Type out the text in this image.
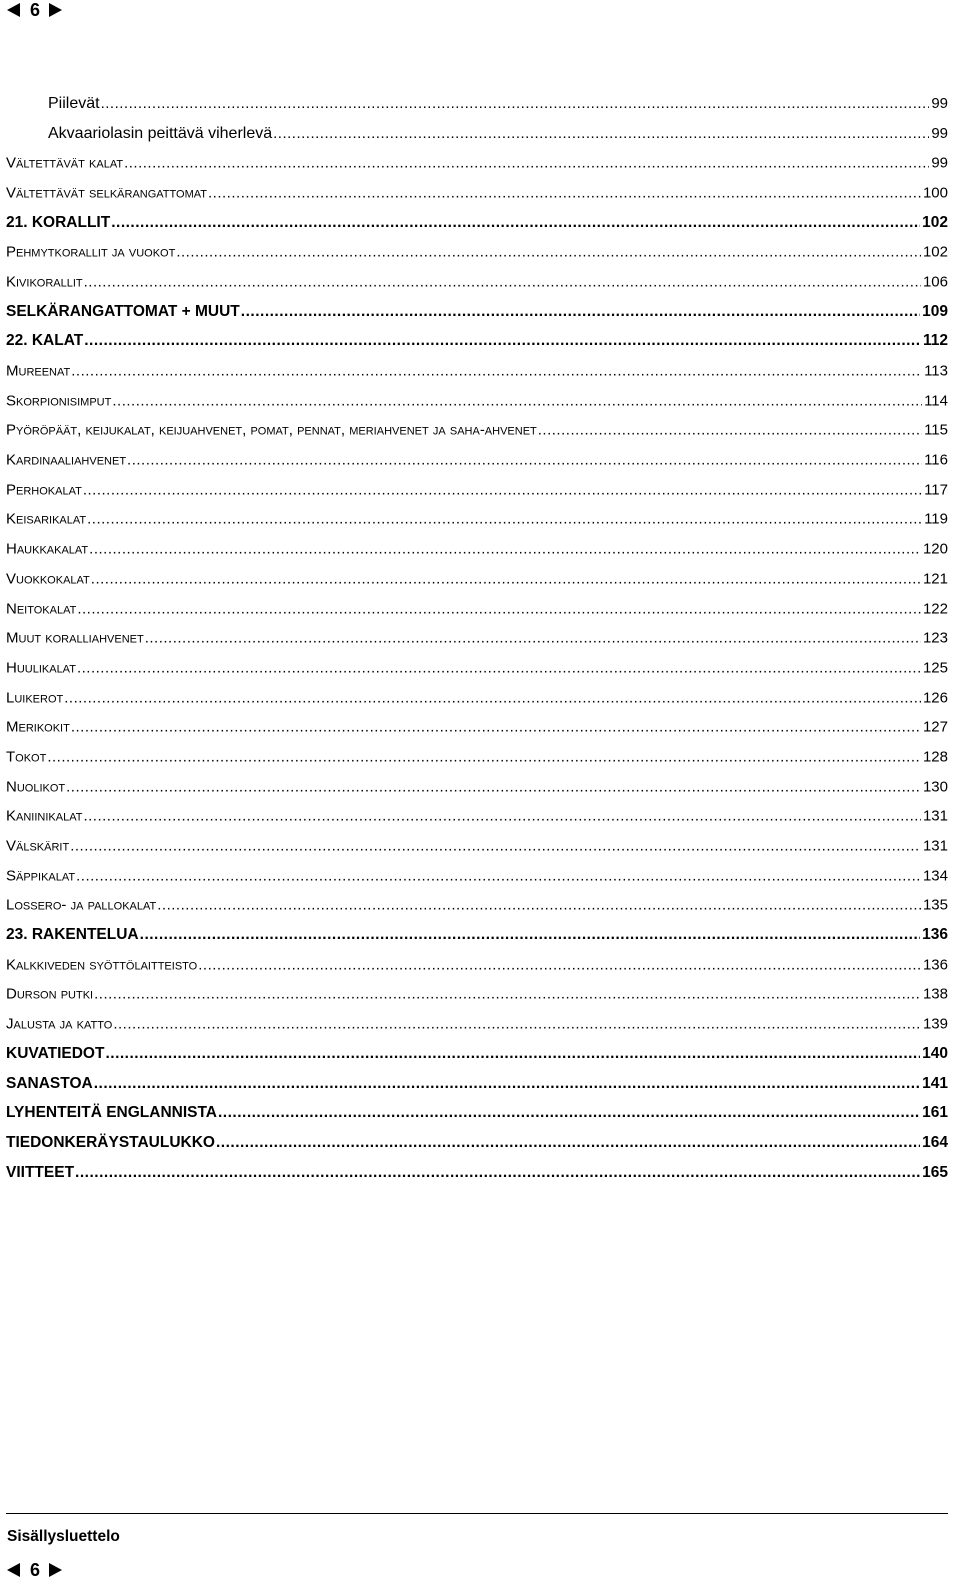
6
Piilevät .....	99
Akvaariolasin peittävä viherlevä .....	99
Vältettävät kalat .....	99
Vältettävät selkärangattomat .....	100
21. KORALLIT .....	102
Pehmytkorallit ja vuokot .....	102
Kivikorallit .....	106
SELKÄRANGATTOMAT + MUUT .....	109
22. KALAT .....	112
Mureenat .....	113
Skorpionisimput .....	114
Pyöröpäät, keijukalat, keijuahvenet, pomat, pennat, meriahvenet ja saha-ahvenet .....	115
Kardinaaliahvenet .....	116
Perhokalat .....	117
Keisarikalat .....	119
Haukkakalat .....	120
Vuokkokalat .....	121
Neitokalat .....	122
Muut koralliahvenet .....	123
Huulikalat .....	125
Luikerot .....	126
Merikokit .....	127
Tokot .....	128
Nuolikot .....	130
Kaniinikalat .....	131
Välskärit .....	131
Säppikalat .....	134
Lossero- ja pallokalat .....	135
23. RAKENTELUA .....	136
Kalkkiveden syöttölaitteisto .....	136
Durson putki .....	138
Jalusta ja katto .....	139
KUVATIEDOT .....	140
SANASTOA .....	141
LYHENTEITÄ ENGLANNISTA .....	161
TIEDONKERÄYSTAULUKKO .....	164
VIITTEET .....	165
Sisällysluettelo
6
